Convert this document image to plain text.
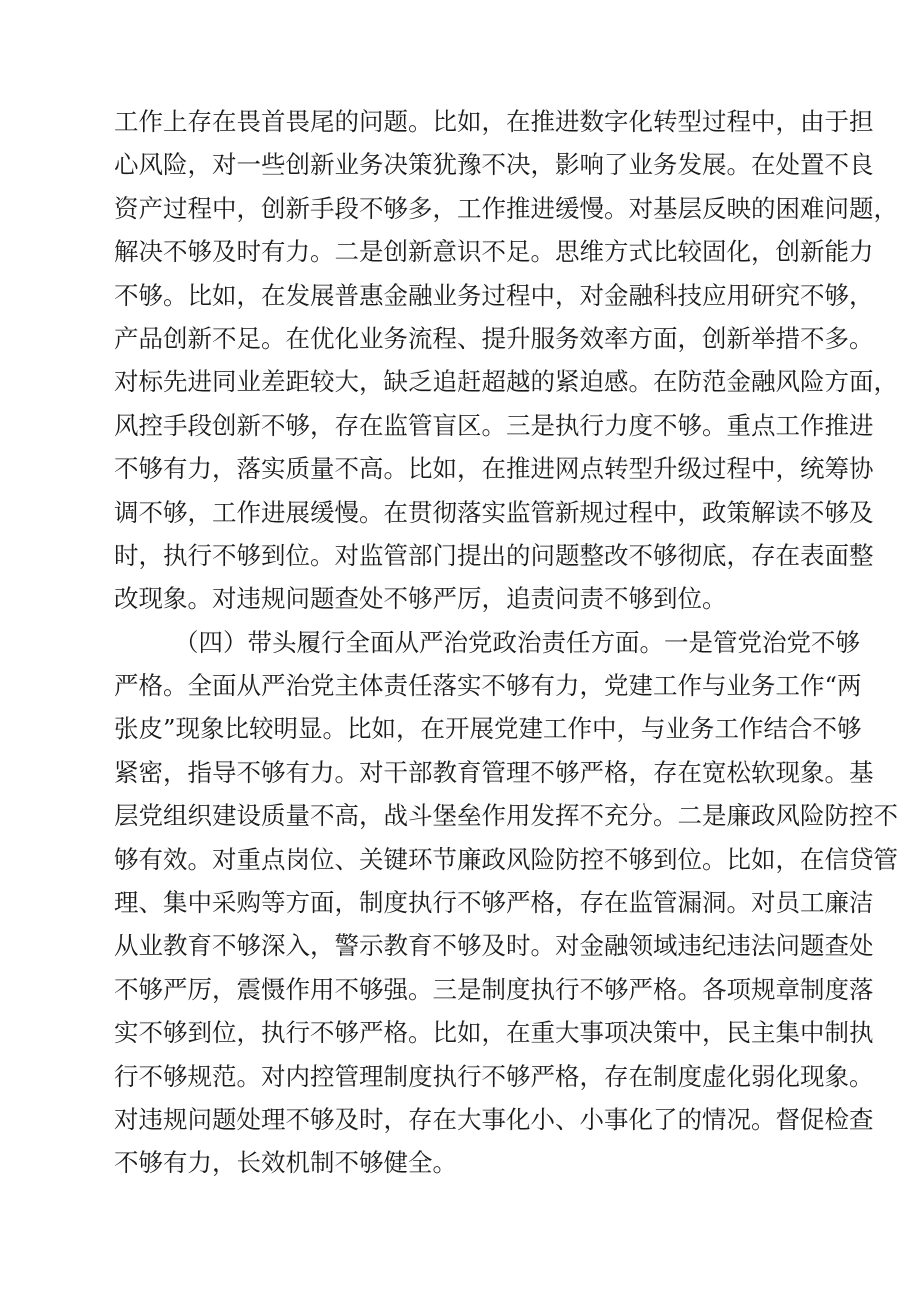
工作上存在畏首畏尾的问题。比如，在推进数字化转型过程中，由于担
心风险，对一些创新业务决策犹豫不决，影响了业务发展。在处置不良
资产过程中，创新手段不够多，工作推进缓慢。对基层反映的困难问题，
解决不够及时有力。二是创新意识不足。思维方式比较固化，创新能力
不够。比如，在发展普惠金融业务过程中，对金融科技应用研究不够，
产品创新不足。在优化业务流程、提升服务效率方面，创新举措不多。
对标先进同业差距较大，缺乏追赶超越的紧迫感。在防范金融风险方面，
风控手段创新不够，存在监管盲区。三是执行力度不够。重点工作推进
不够有力，落实质量不高。比如，在推进网点转型升级过程中，统筹协
调不够，工作进展缓慢。在贯彻落实监管新规过程中，政策解读不够及
时，执行不够到位。对监管部门提出的问题整改不够彻底，存在表面整
改现象。对违规问题查处不够严厉，追责问责不够到位。
（四）带头履行全面从严治党政治责任方面。一是管党治党不够
严格。全面从严治党主体责任落实不够有力，党建工作与业务工作“两
张皮”现象比较明显。比如，在开展党建工作中，与业务工作结合不够
紧密，指导不够有力。对干部教育管理不够严格，存在宽松软现象。基
层党组织建设质量不高，战斗堡垒作用发挥不充分。二是廉政风险防控不
够有效。对重点岗位、关键环节廉政风险防控不够到位。比如，在信贷管
理、集中采购等方面，制度执行不够严格，存在监管漏洞。对员工廉洁
从业教育不够深入，警示教育不够及时。对金融领域违纪违法问题查处
不够严厉，震慑作用不够强。三是制度执行不够严格。各项规章制度落
实不够到位，执行不够严格。比如，在重大事项决策中，民主集中制执
行不够规范。对内控管理制度执行不够严格，存在制度虚化弱化现象。
对违规问题处理不够及时，存在大事化小、小事化了的情况。督促检查
不够有力，长效机制不够健全。
